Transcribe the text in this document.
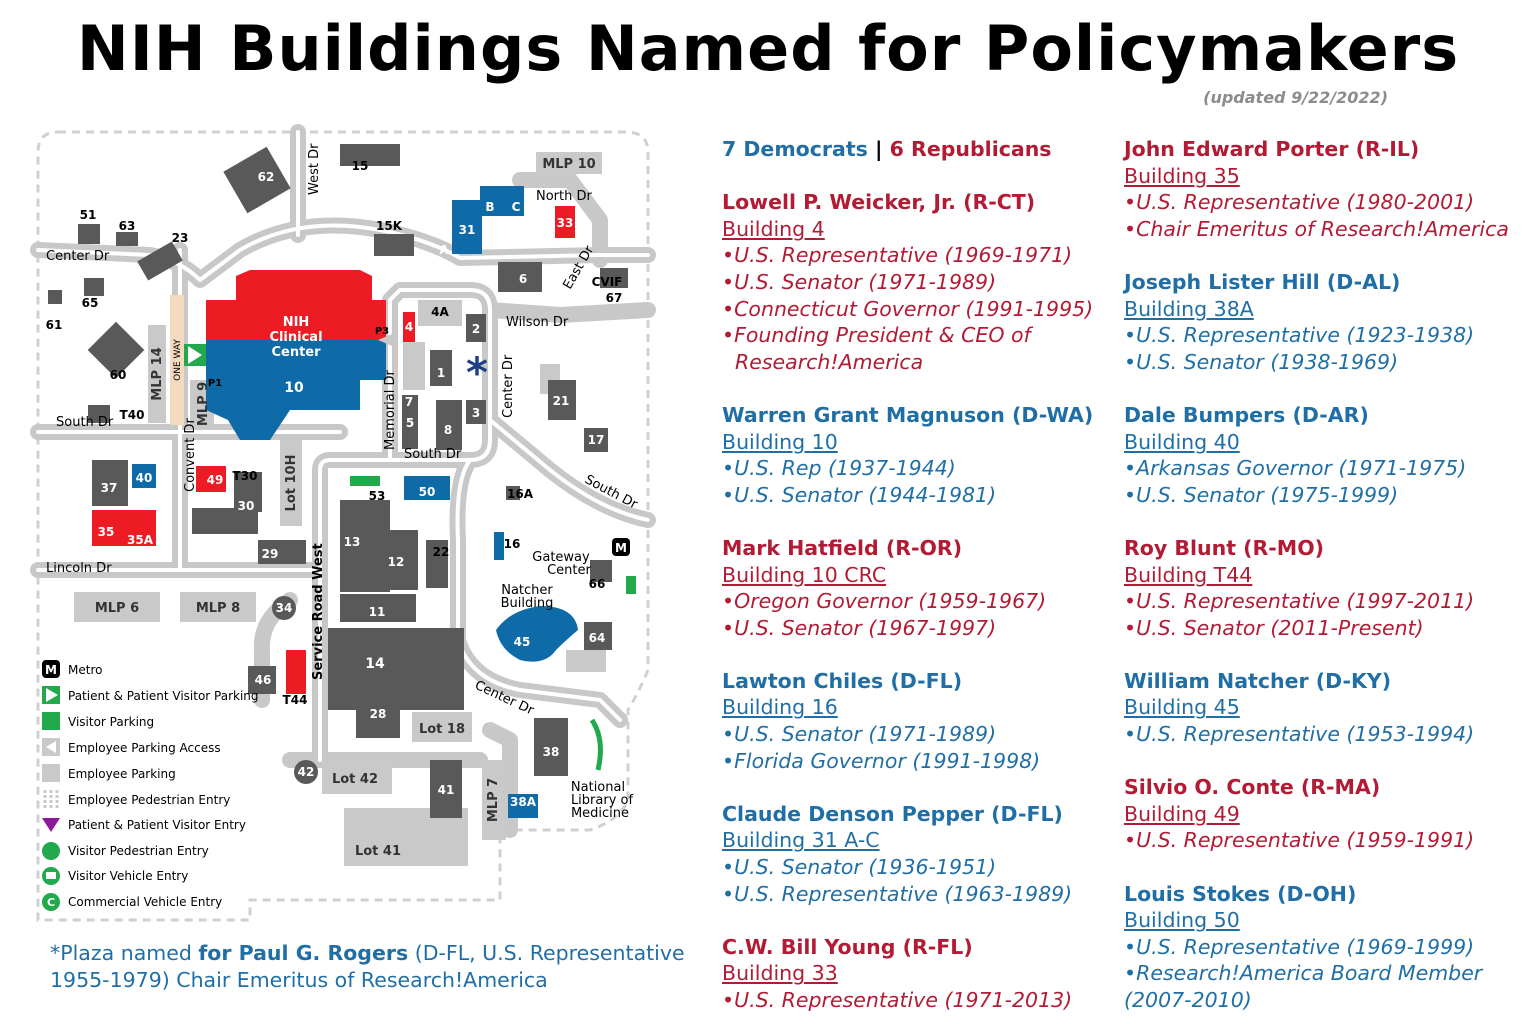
NIH Buildings Named for Policymakers
(updated 9/22/2022)
ONE WAY	*
M
West Dr
Center Dr
North Dr
East Dr
Wilson Dr
Center Dr
South Dr
South Dr
South Dr
Memorial Dr
Convent Dr
Lincoln Dr	Service Road West
Center Dr
62
15
15K
51
63
23
65
61
60
31
A
B C
33
6	CVIF
67
4A
4	2
1
5
3
8
7
10
21
17
37
40	49 T30
30
35
35A
29B-A 29
T40
53	50	16A
16
13
12
22
11
34
46
T44
14
28
45	64
66
38
42
41
38A
P1
P3
MLP 6	MLP 8
MLP 10
MLP 14
MLP 9
MLP 7
Lot 10H
Lot 18
Lot 42
Lot 41
NIH
Clinical
Center
Gateway
Center
Natcher
Building
National
Library of
Medicine
M
C
Metro
Patient & Patient Visitor Parking
Visitor Parking
Employee Parking Access
Employee Parking
Employee Pedestrian Entry
Patient & Patient Visitor Entry
Visitor Pedestrian Entry
Visitor Vehicle Entry
Commercial Vehicle Entry

7 Democrats | 6 Republicans

Lowell P. Weicker, Jr. (R-CT)

Building 4

•U.S. Representative (1969-1971)

•U.S. Senator (1971-1989)

•Connecticut Governor (1991-1995)

•Founding President & CEO of

Research!America

Warren Grant Magnuson (D-WA)

Building 10

•U.S. Rep (1937-1944)

•U.S. Senator (1944-1981)

Mark Hatfield (R-OR)

Building 10 CRC

•Oregon Governor (1959-1967)

•U.S. Senator (1967-1997)

Lawton Chiles (D-FL)

Building 16

•U.S. Senator (1971-1989)

•Florida Governor (1991-1998)

Claude Denson Pepper (D-FL)

Building 31 A-C

•U.S. Senator (1936-1951)

•U.S. Representative (1963-1989)

C.W. Bill Young (R-FL)

Building 33

•U.S. Representative (1971-2013)

John Edward Porter (R-IL)

Building 35

•U.S. Representative (1980-2001)

•Chair Emeritus of Research!America

Joseph Lister Hill (D-AL)

Building 38A

•U.S. Representative (1923-1938)

•U.S. Senator (1938-1969)

Dale Bumpers (D-AR)

Building 40

•Arkansas Governor (1971-1975)

•U.S. Senator (1975-1999)

Roy Blunt (R-MO)

Building T44

•U.S. Representative (1997-2011)

•U.S. Senator (2011-Present)

William Natcher (D-KY)

Building 45

•U.S. Representative (1953-1994)

Silvio O. Conte (R-MA)

Building 49

•U.S. Representative (1959-1991)

Louis Stokes (D-OH)

Building 50

•U.S. Representative (1969-1999)

•Research!America Board Member

(2007-2010)

*Plaza named for Paul G. Rogers (D-FL, U.S. Representative
1955-1979) Chair Emeritus of Research!America
